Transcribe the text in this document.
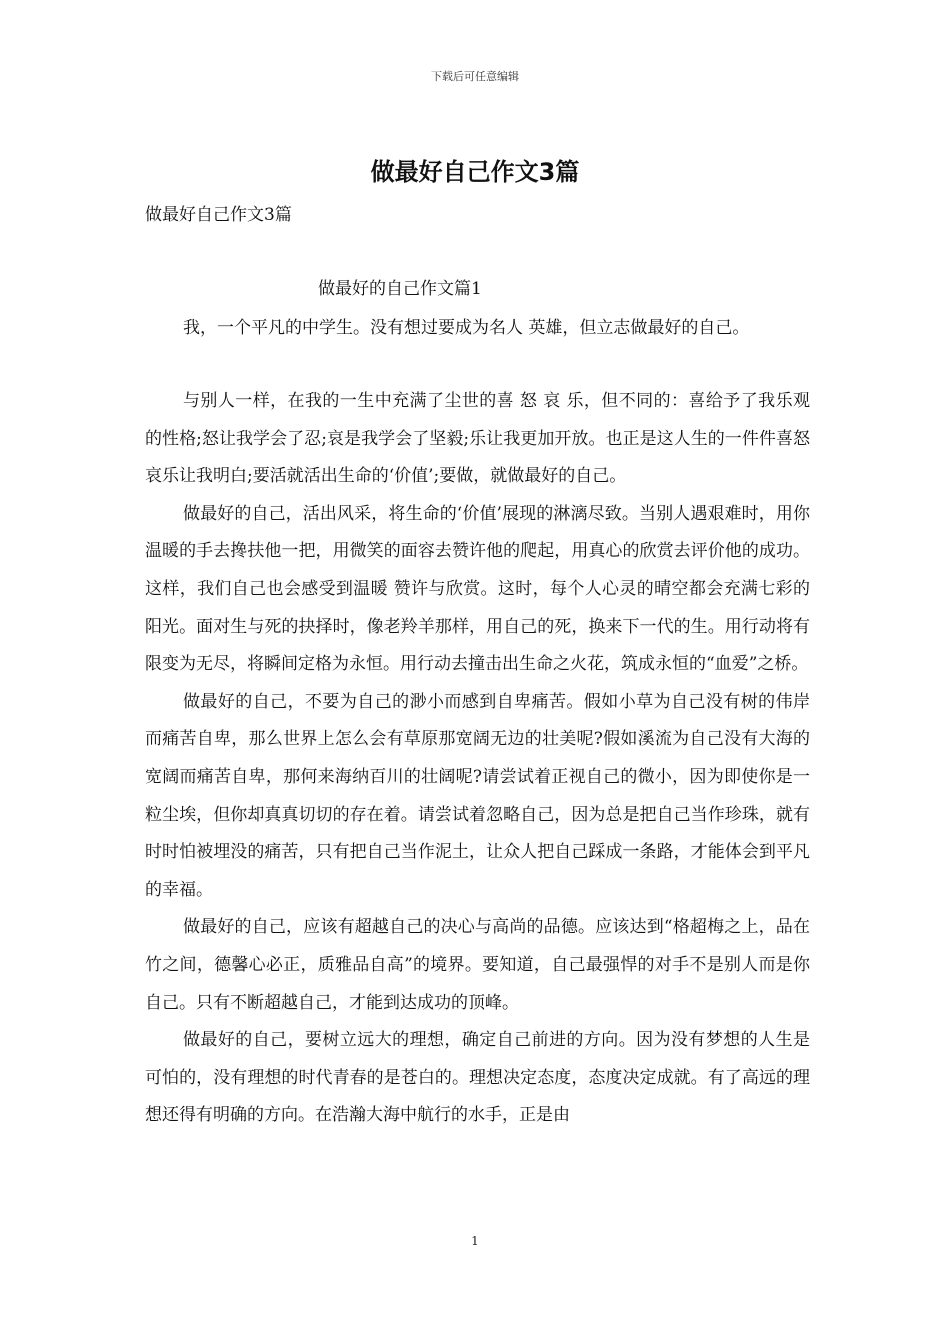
下载后可任意编辑
做最好自己作文3篇
做最好自己作文3篇
做最好的自己作文篇1
我，一个平凡的中学生。没有想过要成为名人 英雄，但立志做最好的自己。

与别人一样，在我的一生中充满了尘世的喜 怒 哀 乐，但不同的：喜给予了我乐观的性格;怒让我学会了忍;哀是我学会了坚毅;乐让我更加开放。也正是这人生的一件件喜怒哀乐让我明白;要活就活出生命的‘价值’;要做，就做最好的自己。

做最好的自己，活出风采，将生命的‘价值’展现的淋漓尽致。当别人遇艰难时，用你温暖的手去搀扶他一把，用微笑的面容去赞许他的爬起，用真心的欣赏去评价他的成功。这样，我们自己也会感受到温暖 赞许与欣赏。这时，每个人心灵的晴空都会充满七彩的阳光。面对生与死的抉择时，像老羚羊那样，用自己的死，换来下一代的生。用行动将有限变为无尽，将瞬间定格为永恒。用行动去撞击出生命之火花，筑成永恒的“血爱”之桥。

做最好的自己，不要为自己的渺小而感到自卑痛苦。假如小草为自己没有树的伟岸而痛苦自卑，那么世界上怎么会有草原那宽阔无边的壮美呢?假如溪流为自己没有大海的宽阔而痛苦自卑，那何来海纳百川的壮阔呢?请尝试着正视自己的微小，因为即使你是一粒尘埃，但你却真真切切的存在着。请尝试着忽略自己，因为总是把自己当作珍珠，就有时时怕被埋没的痛苦，只有把自己当作泥土，让众人把自己踩成一条路，才能体会到平凡的幸福。

做最好的自己，应该有超越自己的决心与高尚的品德。应该达到“格超梅之上，品在竹之间，德馨心必正，质雅品自高”的境界。要知道，自己最强悍的对手不是别人而是你自己。只有不断超越自己，才能到达成功的顶峰。

做最好的自己，要树立远大的理想，确定自己前进的方向。因为没有梦想的人生是可怕的，没有理想的时代青春的是苍白的。理想决定态度，态度决定成就。有了高远的理想还得有明确的方向。在浩瀚大海中航行的水手，正是由

1
